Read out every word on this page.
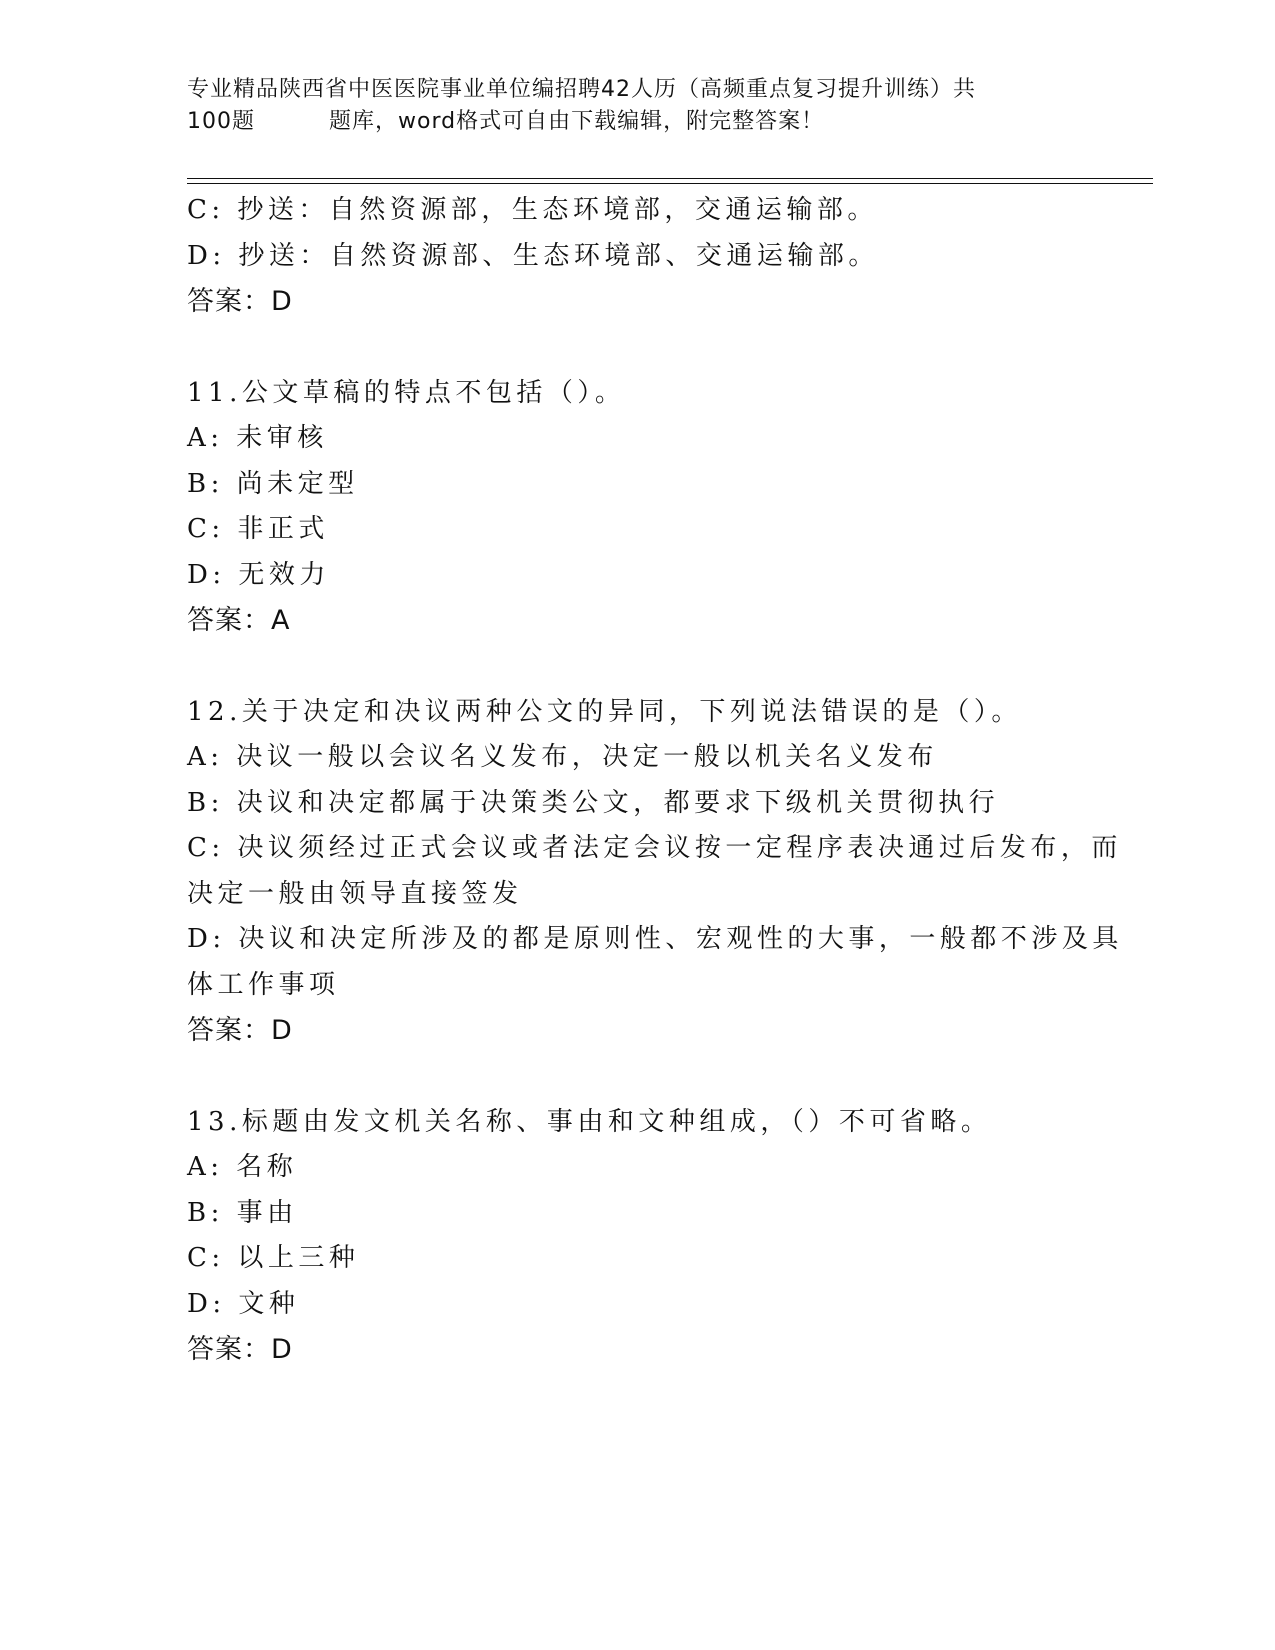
专业精品陕西省中医医院事业单位编招聘42人历（高频重点复习提升训练）共
100题	题库，word格式可自由下载编辑，附完整答案！
C: 抄送：自然资源部，生态环境部，交通运输部。
D: 抄送：自然资源部、生态环境部、交通运输部。
答案：D
11.公文草稿的特点不包括（）。
A: 未审核
B: 尚未定型
C: 非正式
D: 无效力
答案：A
12.关于决定和决议两种公文的异同，下列说法错误的是（）。
A: 决议一般以会议名义发布，决定一般以机关名义发布
B: 决议和决定都属于决策类公文，都要求下级机关贯彻执行
C: 决议须经过正式会议或者法定会议按一定程序表决通过后发布，而
决定一般由领导直接签发
D: 决议和决定所涉及的都是原则性、宏观性的大事，一般都不涉及具
体工作事项
答案：D
13.标题由发文机关名称、事由和文种组成，（）不可省略。
A: 名称
B: 事由
C: 以上三种
D: 文种
答案：D
